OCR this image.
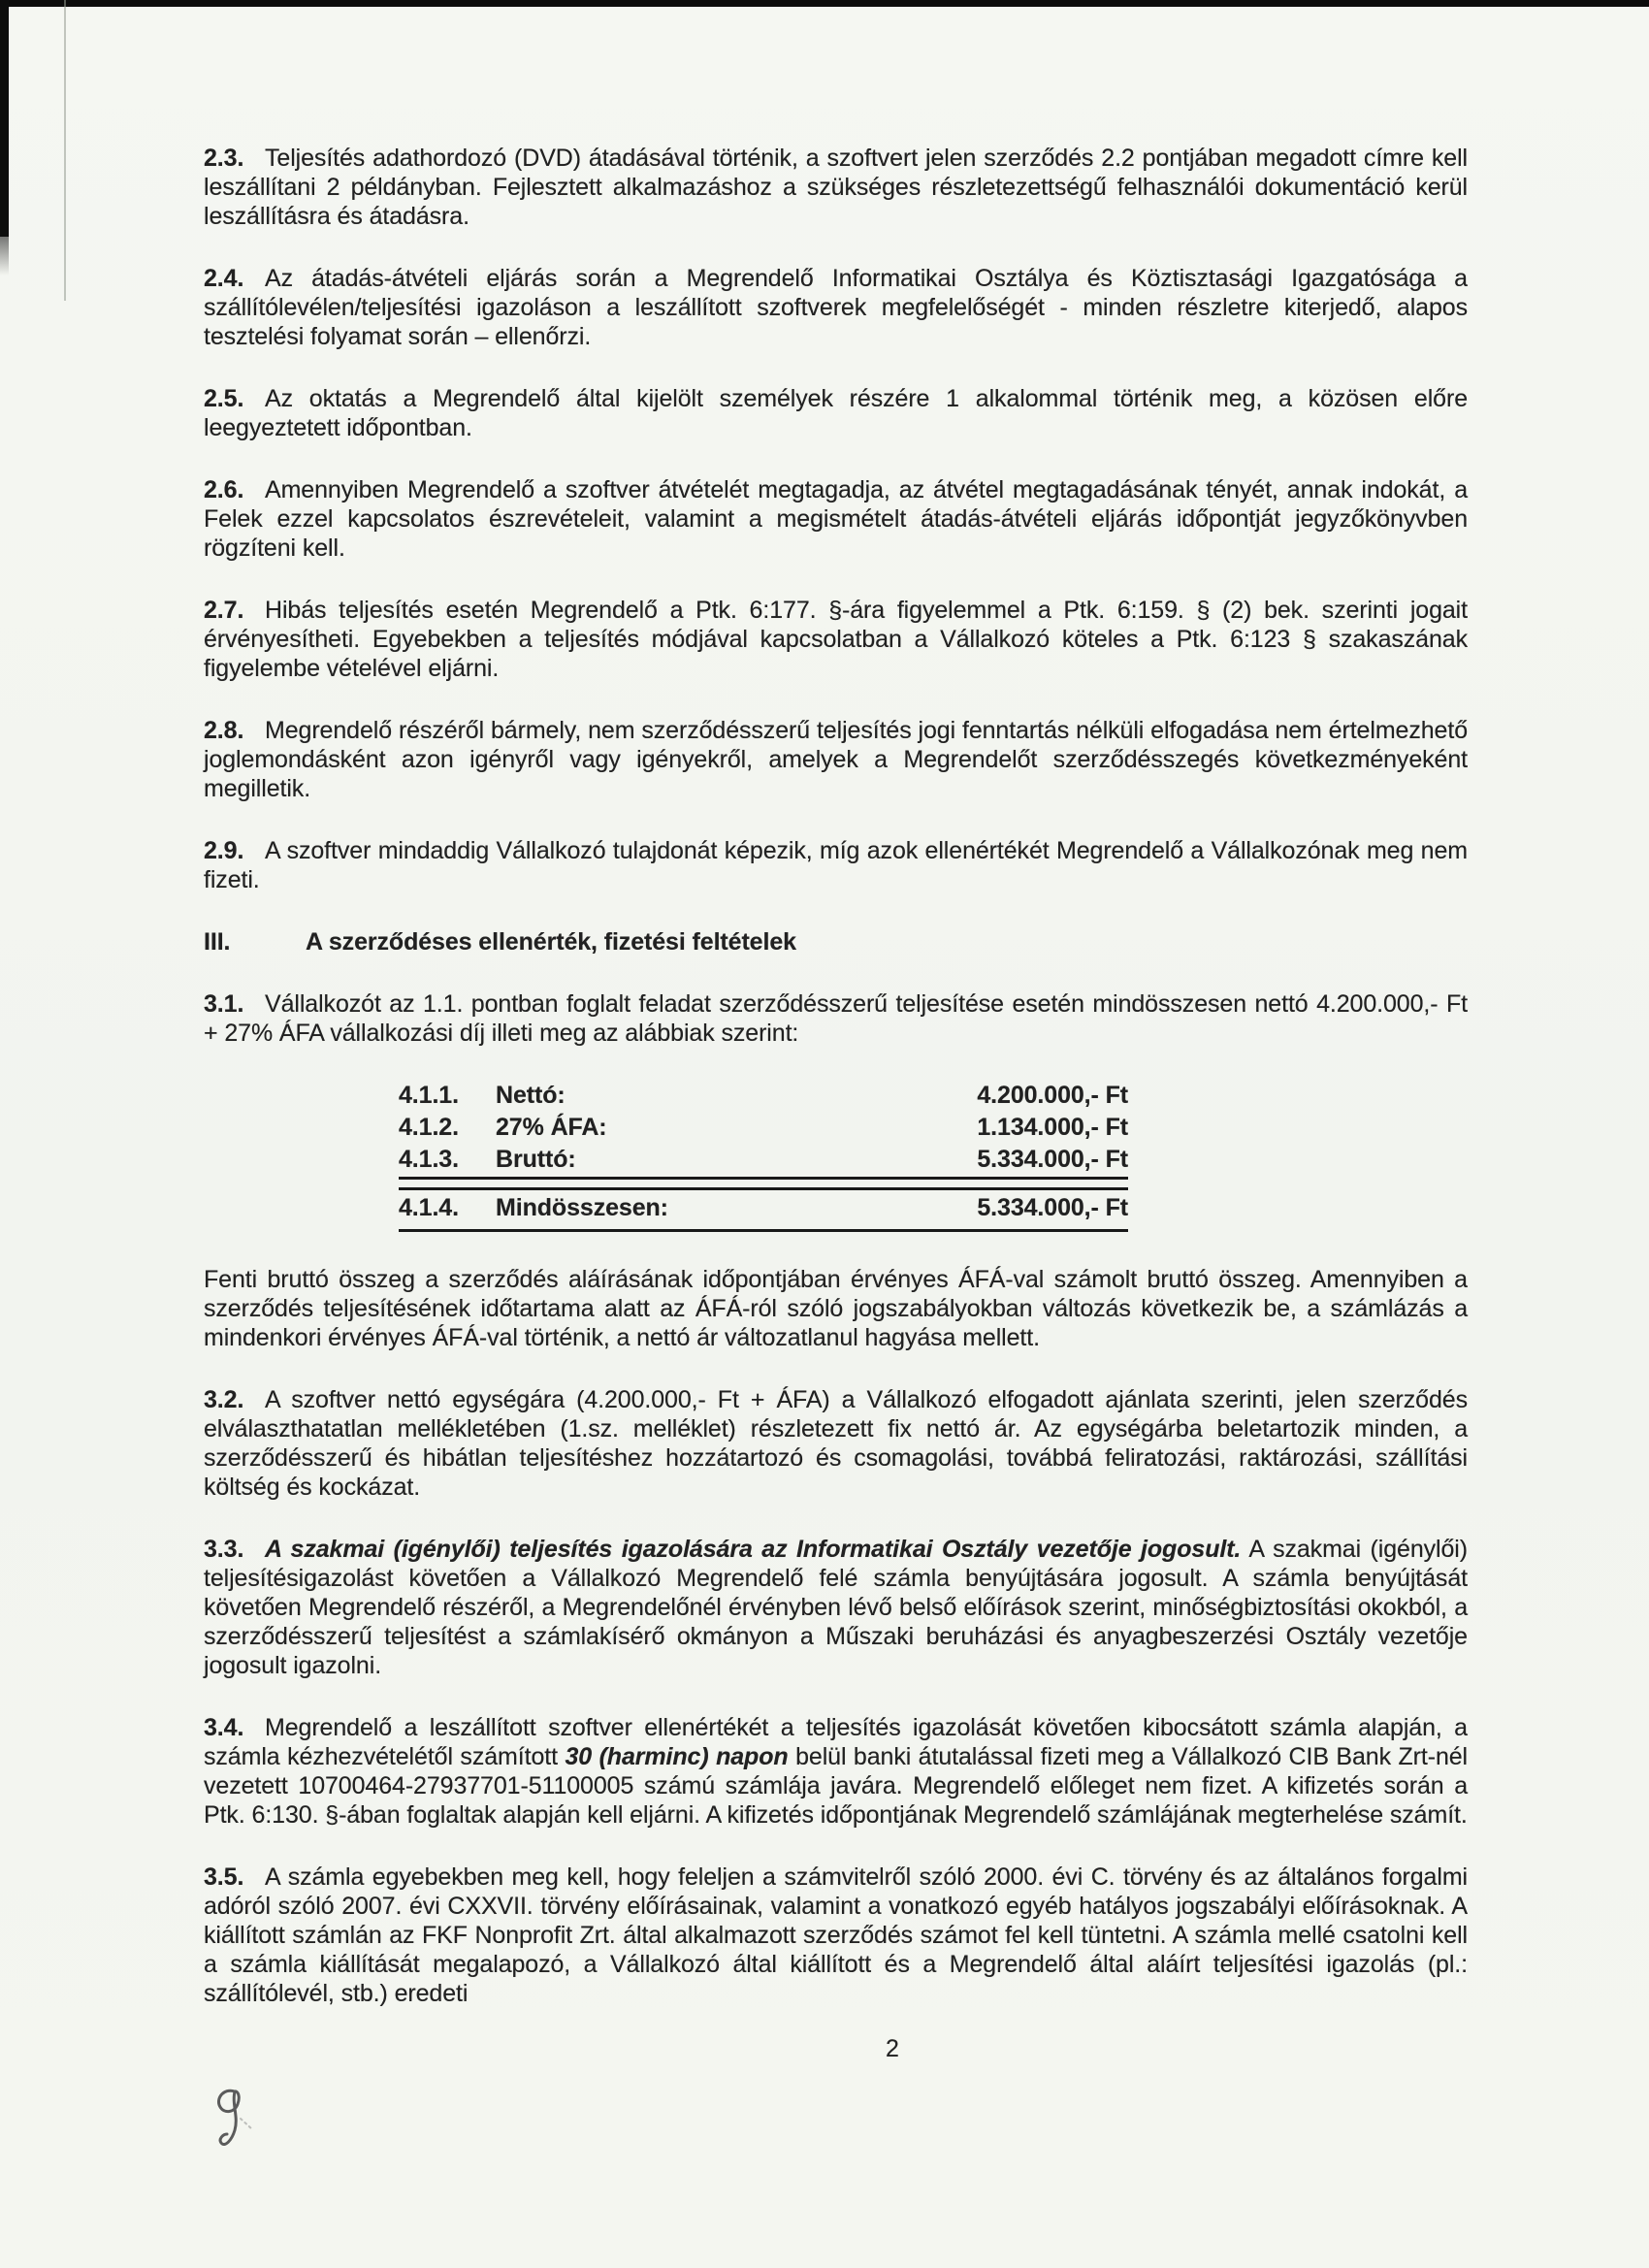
2.3. Teljesítés adathordozó (DVD) átadásával történik, a szoftvert jelen szerződés 2.2 pontjában megadott címre kell leszállítani 2 példányban. Fejlesztett alkalmazáshoz a szükséges részletezettségű felhasználói dokumentáció kerül leszállításra és átadásra.

2.4. Az átadás-átvételi eljárás során a Megrendelő Informatikai Osztálya és Köztisztasági Igazgatósága a szállítólevélen/teljesítési igazoláson a leszállított szoftverek megfelelőségét - minden részletre kiterjedő, alapos tesztelési folyamat során – ellenőrzi.

2.5. Az oktatás a Megrendelő által kijelölt személyek részére 1 alkalommal történik meg, a közösen előre leegyeztetett időpontban.

2.6. Amennyiben Megrendelő a szoftver átvételét megtagadja, az átvétel megtagadásának tényét, annak indokát, a Felek ezzel kapcsolatos észrevételeit, valamint a megismételt átadás-átvételi eljárás időpontját jegyzőkönyvben rögzíteni kell.

2.7. Hibás teljesítés esetén Megrendelő a Ptk. 6:177. §-ára figyelemmel a Ptk. 6:159. § (2) bek. szerinti jogait érvényesítheti. Egyebekben a teljesítés módjával kapcsolatban a Vállalkozó köteles a Ptk. 6:123 § szakaszának figyelembe vételével eljárni.

2.8. Megrendelő részéről bármely, nem szerződésszerű teljesítés jogi fenntartás nélküli elfogadása nem értelmezhető joglemondásként azon igényről vagy igényekről, amelyek a Megrendelőt szerződésszegés következményeként megilletik.

2.9. A szoftver mindaddig Vállalkozó tulajdonát képezik, míg azok ellenértékét Megrendelő a Vállalkozónak meg nem fizeti.

III.	A szerződéses ellenérték, fizetési feltételek

3.1. Vállalkozót az 1.1. pontban foglalt feladat szerződésszerű teljesítése esetén mindösszesen nettó 4.200.000,- Ft + 27% ÁFA vállalkozási díj illeti meg az alábbiak szerint:

4.1.1.	Nettó:	4.200.000,- Ft
4.1.2.	27% ÁFA:	1.134.000,- Ft
4.1.3.	Bruttó:	5.334.000,- Ft
4.1.4.	Mindösszesen:	5.334.000,- Ft

Fenti bruttó összeg a szerződés aláírásának időpontjában érvényes ÁFÁ-val számolt bruttó összeg. Amennyiben a szerződés teljesítésének időtartama alatt az ÁFÁ-ról szóló jogszabályokban változás következik be, a számlázás a mindenkori érvényes ÁFÁ-val történik, a nettó ár változatlanul hagyása mellett.

3.2. A szoftver nettó egységára (4.200.000,- Ft + ÁFA) a Vállalkozó elfogadott ajánlata szerinti, jelen szerződés elválaszthatatlan mellékletében (1.sz. melléklet) részletezett fix nettó ár. Az egységárba beletartozik minden, a szerződésszerű és hibátlan teljesítéshez hozzátartozó és csomagolási, továbbá feliratozási, raktározási, szállítási költség és kockázat.

3.3. A szakmai (igénylői) teljesítés igazolására az Informatikai Osztály vezetője jogosult. A szakmai (igénylői) teljesítésigazolást követően a Vállalkozó Megrendelő felé számla benyújtására jogosult. A számla benyújtását követően Megrendelő részéről, a Megrendelőnél érvényben lévő belső előírások szerint, minőségbiztosítási okokból, a szerződésszerű teljesítést a számlakísérő okmányon a Műszaki beruházási és anyagbeszerzési Osztály vezetője jogosult igazolni.

3.4. Megrendelő a leszállított szoftver ellenértékét a teljesítés igazolását követően kibocsátott számla alapján, a számla kézhezvételétől számított 30 (harminc) napon belül banki átutalással fizeti meg a Vállalkozó CIB Bank Zrt-nél vezetett 10700464-27937701-51100005 számú számlája javára. Megrendelő előleget nem fizet. A kifizetés során a Ptk. 6:130. §-ában foglaltak alapján kell eljárni. A kifizetés időpontjának Megrendelő számlájának megterhelése számít.

3.5. A számla egyebekben meg kell, hogy feleljen a számvitelről szóló 2000. évi C. törvény és az általános forgalmi adóról szóló 2007. évi CXXVII. törvény előírásainak, valamint a vonatkozó egyéb hatályos jogszabályi előírásoknak. A kiállított számlán az FKF Nonprofit Zrt. által alkalmazott szerződés számot fel kell tüntetni. A számla mellé csatolni kell a számla kiállítását megalapozó, a Vállalkozó által kiállított és a Megrendelő által aláírt teljesítési igazolás (pl.: szállítólevél, stb.) eredeti

2
